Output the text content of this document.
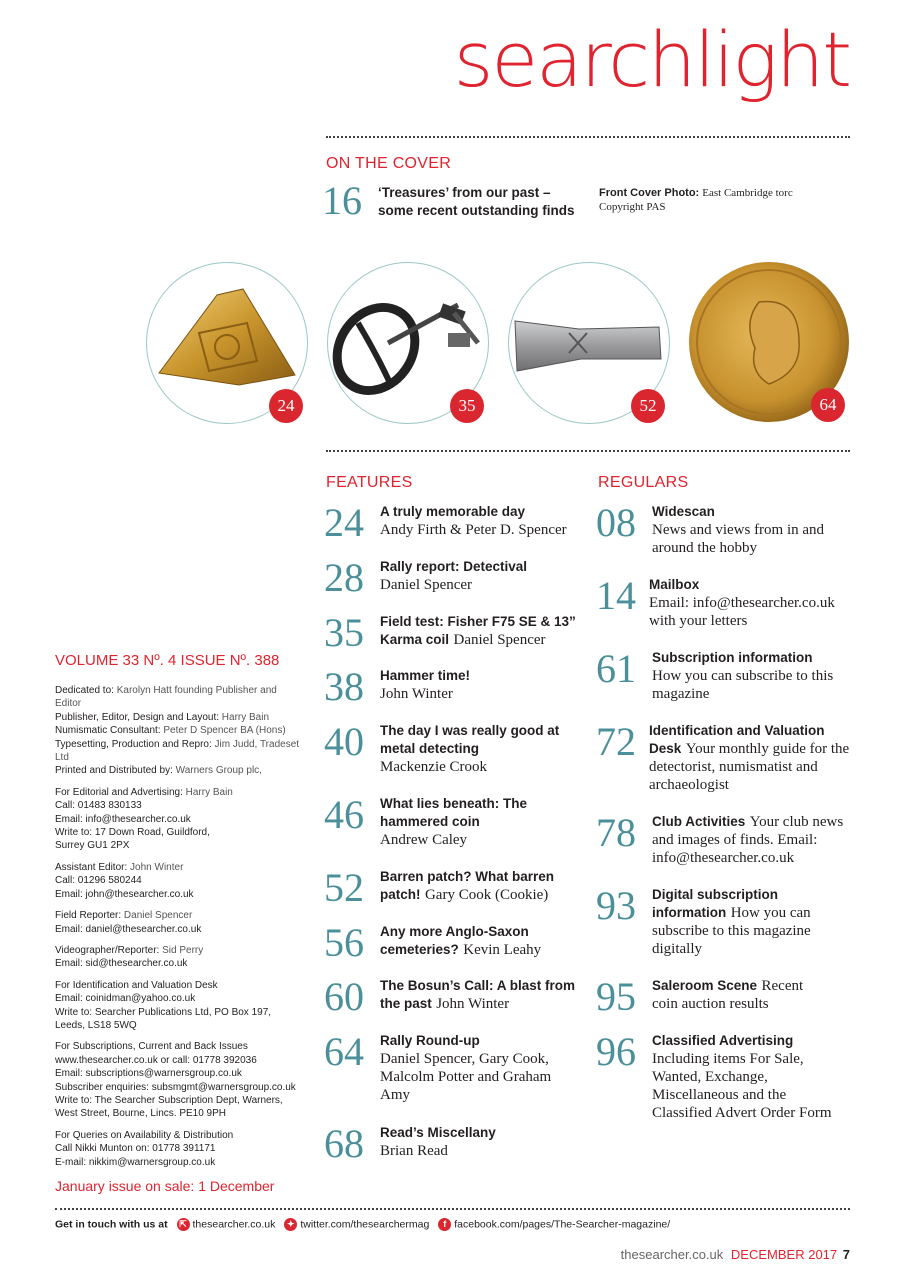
searchlight
ON THE COVER
16 ‘Treasures’ from our past –
some recent outstanding finds
Front Cover Photo: East Cambridge torc
Copyright PAS
24	35	52	64
FEATURES	REGULARS
24 A truly memorable day
Andy Firth & Peter D. Spencer
28 Rally report: Detectival
Daniel Spencer
35 Field test: Fisher F75 SE & 13” Karma coil Daniel Spencer
38 Hammer time!
John Winter
40 The day I was really good at metal detecting
Mackenzie Crook
46 What lies beneath: The hammered coin
Andrew Caley
52 Barren patch? What barren patch! Gary Cook (Cookie)
56 Any more Anglo-Saxon cemeteries? Kevin Leahy
60 The Bosun’s Call: A blast from the past John Winter
64 Rally Round-up
Daniel Spencer, Gary Cook, Malcolm Potter and Graham Amy
68 Read’s Miscellany
Brian Read
08 Widescan
News and views from in and around the hobby
14 Mailbox
Email: info@thesearcher.co.uk with your letters
61 Subscription information
How you can subscribe to this magazine
72 Identification and Valuation Desk Your monthly guide for the detectorist, numismatist and archaeologist
78 Club Activities Your club news and images of finds. Email: info@thesearcher.co.uk
93 Digital subscription information How you can subscribe to this magazine digitally
95 Saleroom Scene Recent coin auction results
96 Classified Advertising
Including items For Sale, Wanted, Exchange, Miscellaneous and the Classified Advert Order Form
VOLUME 33 Nº. 4 ISSUE Nº. 388

Dedicated to: Karolyn Hatt founding Publisher and Editor

Publisher, Editor, Design and Layout: Harry Bain

Numismatic Consultant: Peter D Spencer BA (Hons)

Typesetting, Production and Repro: Jim Judd, Tradeset Ltd

Printed and Distributed by: Warners Group plc,

For Editorial and Advertising: Harry Bain

Call: 01483 830133

Email: info@thesearcher.co.uk

Write to: 17 Down Road, Guildford,

Surrey GU1 2PX

Assistant Editor: John Winter

Call: 01296 580244

Email: john@thesearcher.co.uk

Field Reporter: Daniel Spencer

Email: daniel@thesearcher.co.uk

Videographer/Reporter: Sid Perry

Email: sid@thesearcher.co.uk

For Identification and Valuation Desk

Email: coinidman@yahoo.co.uk

Write to: Searcher Publications Ltd, PO Box 197,

Leeds, LS18 5WQ

For Subscriptions, Current and Back Issues

www.thesearcher.co.uk or call: 01778 392036

Email: subscriptions@warnersgroup.co.uk

Subscriber enquiries: subsmgmt@warnersgroup.co.uk

Write to: The Searcher Subscription Dept, Warners,

West Street, Bourne, Lincs. PE10 9PH

For Queries on Availability & Distribution

Call Nikki Munton on: 01778 391171

E-mail: nikkim@warnersgroup.co.uk

January issue on sale: 1 December
Get in touch with us at ⇱ thesearcher.co.uk ✦ twitter.com/thesearchermag f facebook.com/pages/The-Searcher-magazine/
thesearcher.co.uk DECEMBER 2017 7
